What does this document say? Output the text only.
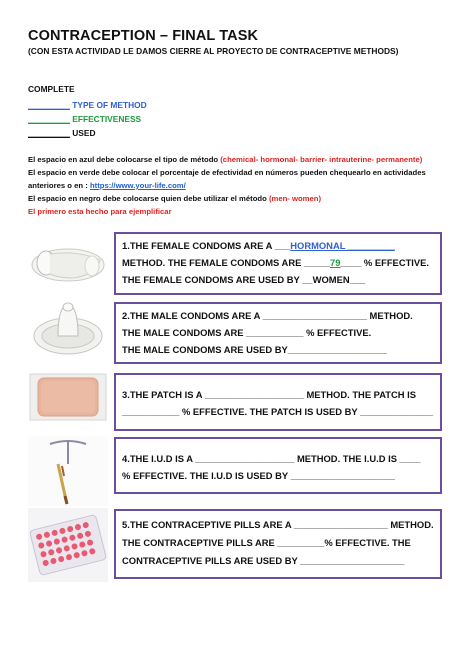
CONTRACEPTION – FINAL TASK
(CON ESTA ACTIVIDAD LE DAMOS CIERRE AL PROYECTO DE CONTRACEPTIVE METHODS)
COMPLETE
_________ TYPE OF METHOD
_________ EFFECTIVENESS
_________ USED
El espacio en azul debe colocarse el tipo de método (chemical- hormonal- barrier- intrauterine- permanente)
El espacio en verde debe colocar el porcentaje de efectividad en números pueden chequearlo en actividades
anteriores o en : https://www.your-life.com/
El espacio en negro debe colocarse quien debe utilizar el método (men- women)
El primero esta hecho para ejemplificar
1.THE FEMALE CONDOMS ARE A ___HORMONAL _________
METHOD. THE FEMALE CONDOMS ARE _____79____ % EFFECTIVE.
THE FEMALE CONDOMS ARE USED BY __WOMEN___
2.THE MALE CONDOMS ARE A ____________________ METHOD.
THE MALE CONDOMS ARE ___________ % EFFECTIVE.
THE MALE CONDOMS ARE USED BY___________________
3.THE PATCH IS A ___________________ METHOD. THE PATCH IS
___________ % EFFECTIVE. THE PATCH IS USED BY ______________
4.THE I.U.D IS A ___________________ METHOD. THE I.U.D IS ____
% EFFECTIVE. THE I.U.D IS USED BY ____________________
5.THE CONTRACEPTIVE PILLS ARE A __________________ METHOD.
THE CONTRACEPTIVE PILLS ARE _________% EFFECTIVE. THE
CONTRACEPTIVE PILLS ARE USED BY ____________________
